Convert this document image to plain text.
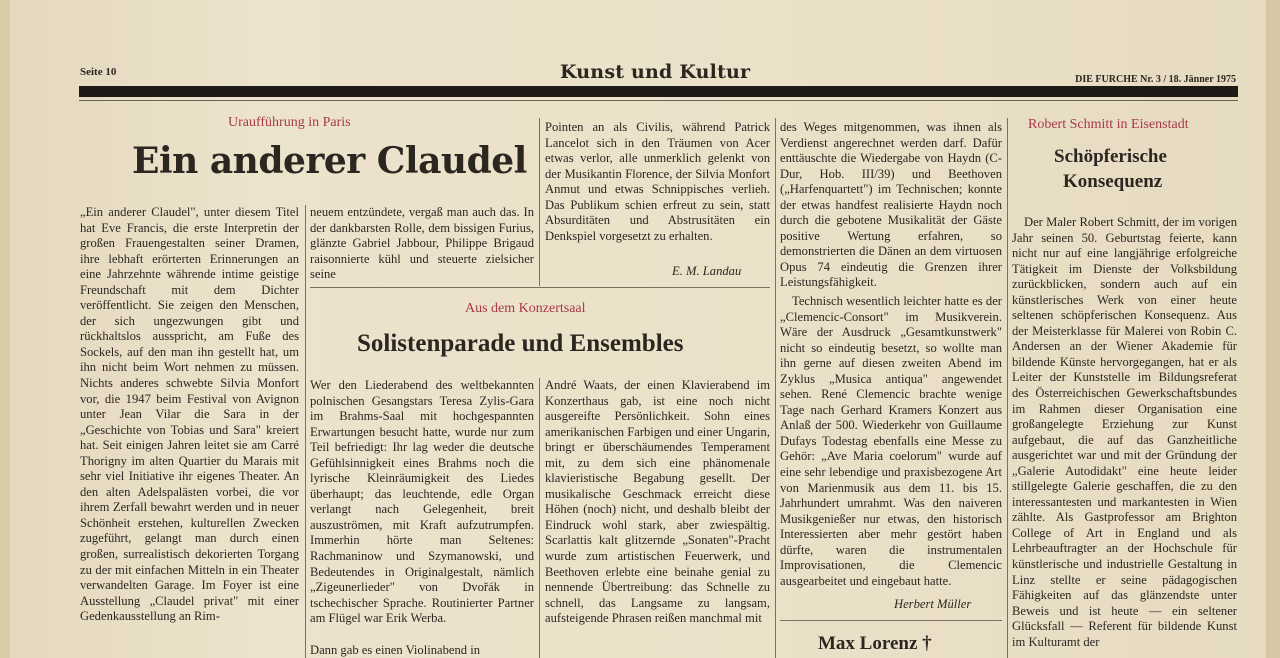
Seite 10	Kunst und Kultur	DIE FURCHE Nr. 3 / 18. Jänner 1975
Uraufführung in Paris
Ein anderer Claudel

„Ein anderer Claudel", unter diesem Titel hat Eve Francis, die erste Interpretin der großen Frauengestalten seiner Dramen, ihre lebhaft erörterten Erinnerungen an eine Jahrzehnte währende intime geistige Freundschaft mit dem Dichter veröffentlicht. Sie zeigen den Menschen, der sich ungezwungen gibt und rückhaltslos ausspricht, am Fuße des Sockels, auf den man ihn gestellt hat, um ihn nicht beim Wort nehmen zu müssen. Nichts anderes schwebte Silvia Monfort vor, die 1947 beim Festival von Avignon unter Jean Vilar die Sara in der „Geschichte von Tobias und Sara" kreiert hat. Seit einigen Jahren leitet sie am Carré Thorigny im alten Quartier du Marais mit sehr viel Initiative ihr eigenes Theater. An den alten Adelspalästen vorbei, die vor ihrem Zerfall bewahrt werden und in neuer Schönheit erstehen, kulturellen Zwecken zugeführt, gelangt man durch einen großen, surrealistisch dekorierten Torgang zu der mit einfachen Mitteln in ein Theater verwandelten Garage. Im Foyer ist eine Ausstellung „Claudel privat" mit einer Gedenkausstellung an Rim-

neuem entzündete, vergaß man auch das. In der dankbarsten Rolle, dem bissigen Furius, glänzte Gabriel Jabbour, Philippe Brigaud raisonnierte kühl und steuerte zielsicher seine

Pointen an als Civilis, während Patrick Lancelot sich in den Träumen von Acer etwas verlor, alle unmerklich gelenkt von der Musikantin Florence, der Silvia Monfort Anmut und etwas Schnippisches verlieh. Das Publikum schien erfreut zu sein, statt Absurditäten und Abstrusitäten ein Denkspiel vorgesetzt zu erhalten.

E. M. Landau
Aus dem Konzertsaal
Solistenparade und Ensembles

Wer den Liederabend des weltbekannten polnischen Gesangstars Teresa Zylis-Gara im Brahms-Saal mit hochgespannten Erwartungen besucht hatte, wurde nur zum Teil befriedigt: Ihr lag weder die deutsche Gefühlsinnigkeit eines Brahms noch die lyrische Kleinräumigkeit des Liedes überhaupt; das leuchtende, edle Organ verlangt nach Gelegenheit, breit auszuströmen, mit Kraft aufzutrumpfen. Immerhin hörte man Seltenes: Rachmaninow und Szymanowski, und Bedeutendes in Originalgestalt, nämlich „Zigeunerlieder" von Dvořák in tschechischer Sprache. Routinierter Partner am Flügel war Erik Werba.

Dann gab es einen Violinabend in

André Waats, der einen Klavierabend im Konzerthaus gab, ist eine noch nicht ausgereifte Persönlichkeit. Sohn eines amerikanischen Farbigen und einer Ungarin, bringt er überschäumendes Temperament mit, zu dem sich eine phänomenale klavieristische Begabung gesellt. Der musikalische Geschmack erreicht diese Höhen (noch) nicht, und deshalb bleibt der Eindruck wohl stark, aber zwiespältig. Scarlattis kalt glitzernde „Sonaten"-Pracht wurde zum artistischen Feuerwerk, und Beethoven erlebte eine beinahe genial zu nennende Übertreibung: das Schnelle zu schnell, das Langsame zu langsam, aufsteigende Phrasen reißen manchmal mit

des Weges mitgenommen, was ihnen als Verdienst angerechnet werden darf. Dafür enttäuschte die Wiedergabe von Haydn (C-Dur, Hob. III/39) und Beethoven („Harfenquartett") im Technischen; konnte der etwas handfest realisierte Haydn noch durch die gebotene Musikalität der Gäste positive Wertung erfahren, so demonstrierten die Dänen an dem virtuosen Opus 74 eindeutig die Grenzen ihrer Leistungsfähigkeit.

Technisch wesentlich leichter hatte es der „Clemencic-Consort" im Musikverein. Wäre der Ausdruck „Gesamtkunstwerk" nicht so eindeutig besetzt, so wollte man ihn gerne auf diesen zweiten Abend im Zyklus „Musica antiqua" angewendet sehen. René Clemencic brachte wenige Tage nach Gerhard Kramers Konzert aus Anlaß der 500. Wiederkehr von Guillaume Dufays Todestag ebenfalls eine Messe zu Gehör: „Ave Maria coelorum" wurde auf eine sehr lebendige und praxisbezogene Art von Marienmusik aus dem 11. bis 15. Jahrhundert umrahmt. Was den naiveren Musikgenießer nur etwas, den historisch Interessierten aber mehr gestört haben dürfte, waren die instrumentalen Improvisationen, die Clemencic ausgearbeitet und eingebaut hatte.

Herbert Müller
Max Lorenz †
Robert Schmitt in Eisenstadt
Schöpferische
Konsequenz

Der Maler Robert Schmitt, der im vorigen Jahr seinen 50. Geburtstag feierte, kann nicht nur auf eine langjährige erfolgreiche Tätigkeit im Dienste der Volksbildung zurückblicken, sondern auch auf ein künstlerisches Werk von einer heute seltenen schöpferischen Konsequenz. Aus der Meisterklasse für Malerei von Robin C. Andersen an der Wiener Akademie für bildende Künste hervorgegangen, hat er als Leiter der Kunststelle im Bildungsreferat des Österreichischen Gewerkschaftsbundes im Rahmen dieser Organisation eine großangelegte Erziehung zur Kunst aufgebaut, die auf das Ganzheitliche ausgerichtet war und mit der Gründung der „Galerie Autodidakt" eine heute leider stillgelegte Galerie geschaffen, die zu den interessantesten und markantesten in Wien zählte. Als Gastprofessor am Brighton College of Art in England und als Lehrbeauftragter an der Hochschule für künstlerische und industrielle Gestaltung in Linz stellte er seine pädagogischen Fähigkeiten auf das glänzendste unter Beweis und ist heute — ein seltener Glücksfall — Referent für bildende Kunst im Kulturamt der
